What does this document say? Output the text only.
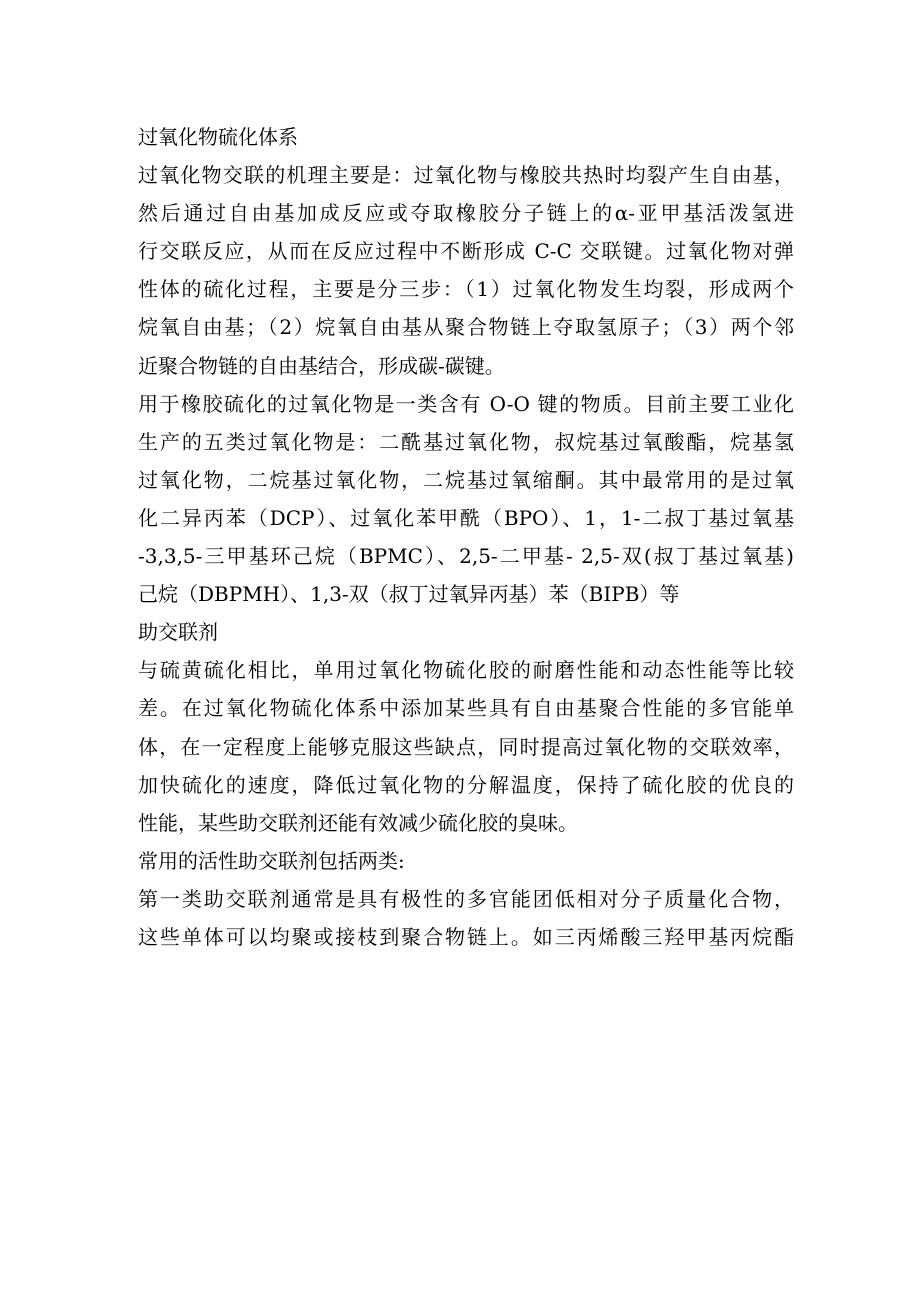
过氧化物硫化体系
过氧化物交联的机理主要是：过氧化物与橡胶共热时均裂产生自由基，
然后通过自由基加成反应或夺取橡胶分子链上的α-亚甲基活泼氢进
行交联反应，从而在反应过程中不断形成 C-C 交联键。过氧化物对弹
性体的硫化过程，主要是分三步：（1）过氧化物发生均裂，形成两个
烷氧自由基；（2）烷氧自由基从聚合物链上夺取氢原子；（3）两个邻
近聚合物链的自由基结合，形成碳-碳键。
用于橡胶硫化的过氧化物是一类含有 O-O 键的物质。目前主要工业化
生产的五类过氧化物是：二酰基过氧化物，叔烷基过氧酸酯，烷基氢
过氧化物，二烷基过氧化物，二烷基过氧缩酮。其中最常用的是过氧
化二异丙苯（DCP）、过氧化苯甲酰（BPO）、1，1-二叔丁基过氧基
-3,3,5-三甲基环己烷（BPMC）、2,5-二甲基- 2,5-双(叔丁基过氧基)
己烷（DBPMH）、1,3-双（叔丁过氧异丙基）苯（BIPB）等
助交联剂
与硫黄硫化相比，单用过氧化物硫化胶的耐磨性能和动态性能等比较
差。在过氧化物硫化体系中添加某些具有自由基聚合性能的多官能单
体，在一定程度上能够克服这些缺点，同时提高过氧化物的交联效率，
加快硫化的速度，降低过氧化物的分解温度，保持了硫化胶的优良的
性能，某些助交联剂还能有效减少硫化胶的臭味。
常用的活性助交联剂包括两类:
第一类助交联剂通常是具有极性的多官能团低相对分子质量化合物，
这些单体可以均聚或接枝到聚合物链上。如三丙烯酸三羟甲基丙烷酯
